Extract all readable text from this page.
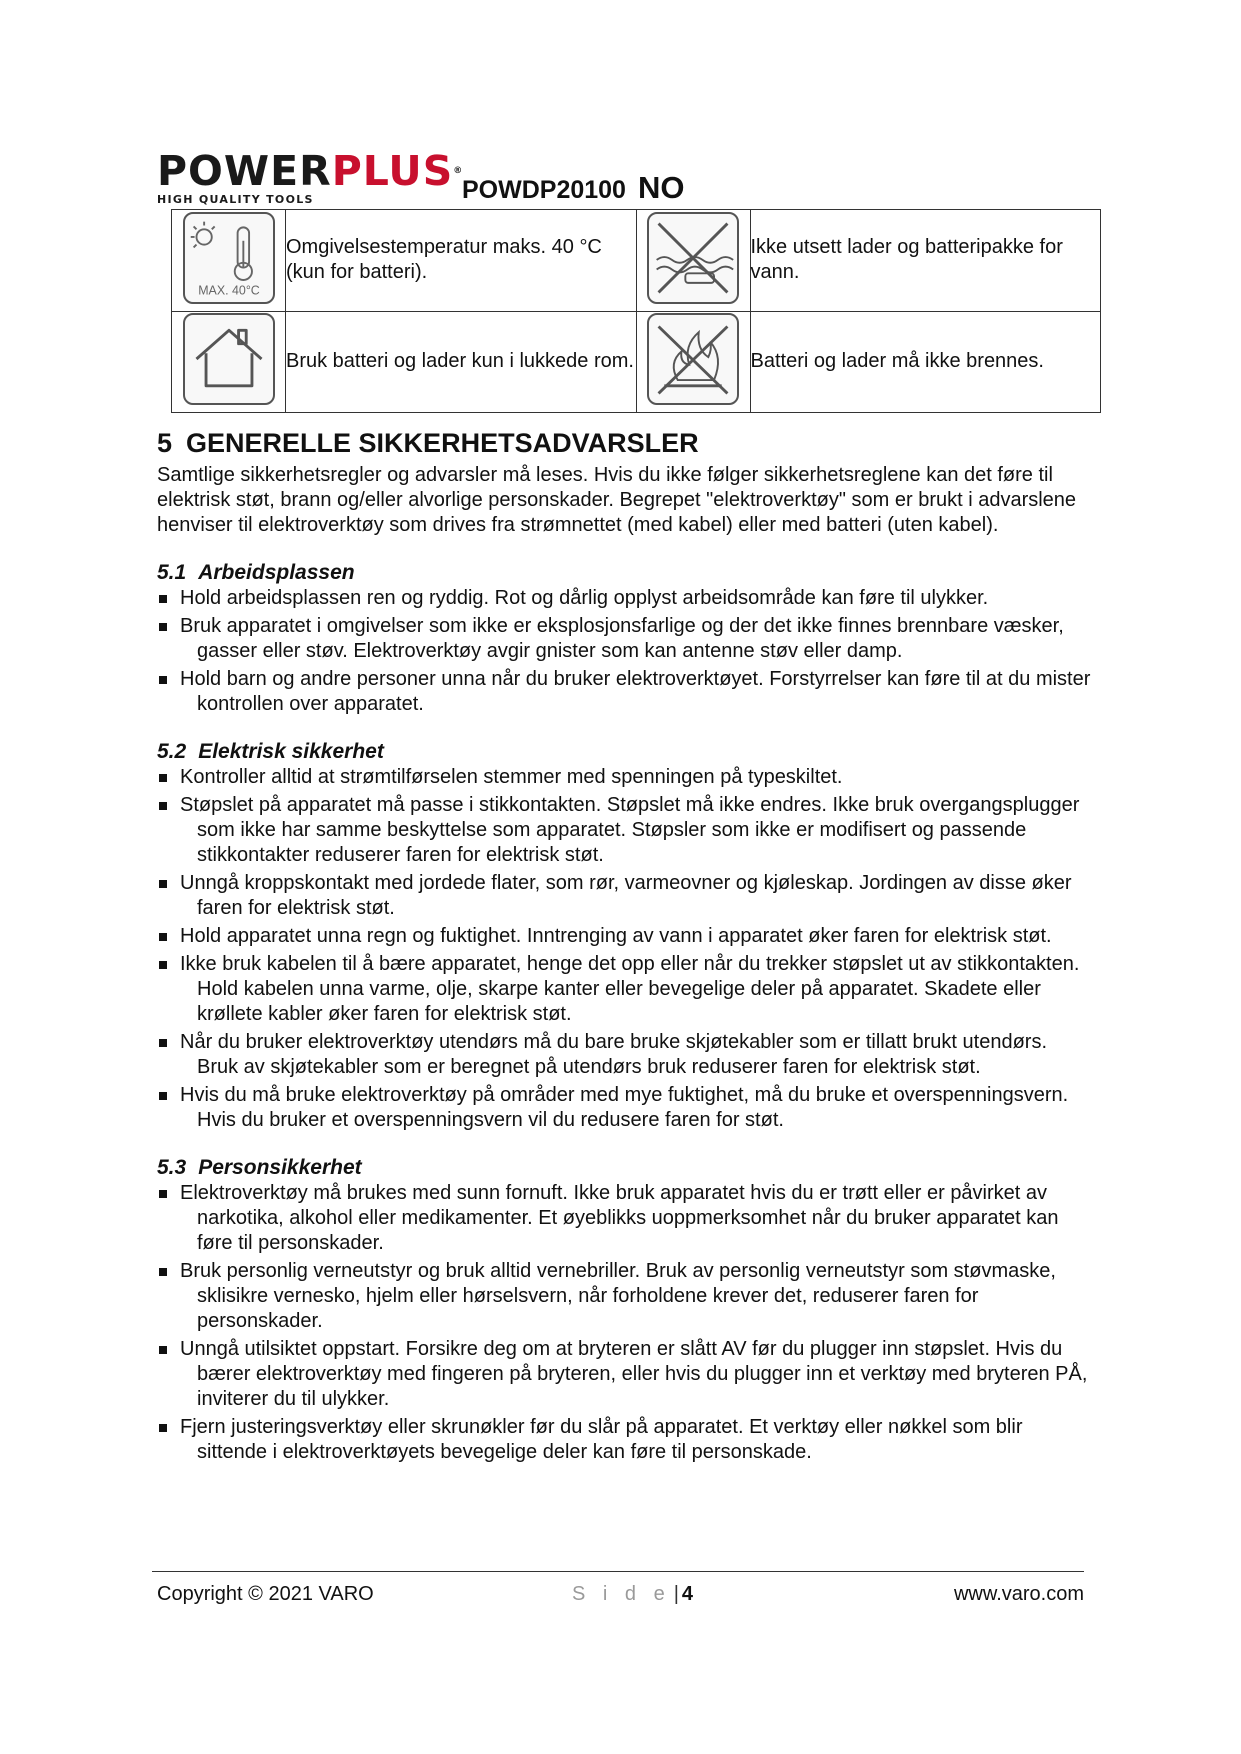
POWERPLUS®
HIGH QUALITY TOOLS	POWDP20100 NO
MAX. 40°C	Omgivelsestemperatur maks. 40 °C (kun for batteri).		Ikke utsett lader og batteripakke for vann.

	Bruk batteri og lader kun i lukkede rom.		Batteri og lader må ikke brennes.
5 GENERELLE SIKKERHETSADVARSLER

Samtlige sikkerhetsregler og advarsler må leses. Hvis du ikke følger sikkerhetsreglene kan det føre til elektrisk støt, brann og/eller alvorlige personskader. Begrepet "elektroverktøy" som er brukt i advarslene henviser til elektroverktøy som drives fra strømnettet (med kabel) eller med batteri (uten kabel).

5.1 Arbeidsplassen
Hold arbeidsplassen ren og ryddig. Rot og dårlig opplyst arbeidsområde kan føre til ulykker.
Bruk apparatet i omgivelser som ikke er eksplosjonsfarlige og der det ikke finnes brennbare væsker, gasser eller støv. Elektroverktøy avgir gnister som kan antenne støv eller damp.
Hold barn og andre personer unna når du bruker elektroverktøyet. Forstyrrelser kan føre til at du mister kontrollen over apparatet.
5.2 Elektrisk sikkerhet
Kontroller alltid at strømtilførselen stemmer med spenningen på typeskiltet.
Støpslet på apparatet må passe i stikkontakten. Støpslet må ikke endres. Ikke bruk overgangsplugger som ikke har samme beskyttelse som apparatet. Støpsler som ikke er modifisert og passende stikkontakter reduserer faren for elektrisk støt.
Unngå kroppskontakt med jordede flater, som rør, varmeovner og kjøleskap. Jordingen av disse øker faren for elektrisk støt.
Hold apparatet unna regn og fuktighet. Inntrenging av vann i apparatet øker faren for elektrisk støt.
Ikke bruk kabelen til å bære apparatet, henge det opp eller når du trekker støpslet ut av stikkontakten. Hold kabelen unna varme, olje, skarpe kanter eller bevegelige deler på apparatet. Skadete eller krøllete kabler øker faren for elektrisk støt.
Når du bruker elektroverktøy utendørs må du bare bruke skjøtekabler som er tillatt brukt utendørs. Bruk av skjøtekabler som er beregnet på utendørs bruk reduserer faren for elektrisk støt.
Hvis du må bruke elektroverktøy på områder med mye fuktighet, må du bruke et overspenningsvern. Hvis du bruker et overspenningsvern vil du redusere faren for støt.
5.3 Personsikkerhet
Elektroverktøy må brukes med sunn fornuft. Ikke bruk apparatet hvis du er trøtt eller er påvirket av narkotika, alkohol eller medikamenter. Et øyeblikks uoppmerksomhet når du bruker apparatet kan føre til personskader.
Bruk personlig verneutstyr og bruk alltid vernebriller. Bruk av personlig verneutstyr som støvmaske, sklisikre vernesko, hjelm eller hørselsvern, når forholdene krever det, reduserer faren for personskader.
Unngå utilsiktet oppstart. Forsikre deg om at bryteren er slått AV før du plugger inn støpslet. Hvis du bærer elektroverktøy med fingeren på bryteren, eller hvis du plugger inn et verktøy med bryteren PÅ, inviterer du til ulykker.
Fjern justeringsverktøy eller skrunøkler før du slår på apparatet. Et verktøy eller nøkkel som blir sittende i elektroverktøyets bevegelige deler kan føre til personskade.
Copyright © 2021 VARO	S i d e | 4	www.varo.com
